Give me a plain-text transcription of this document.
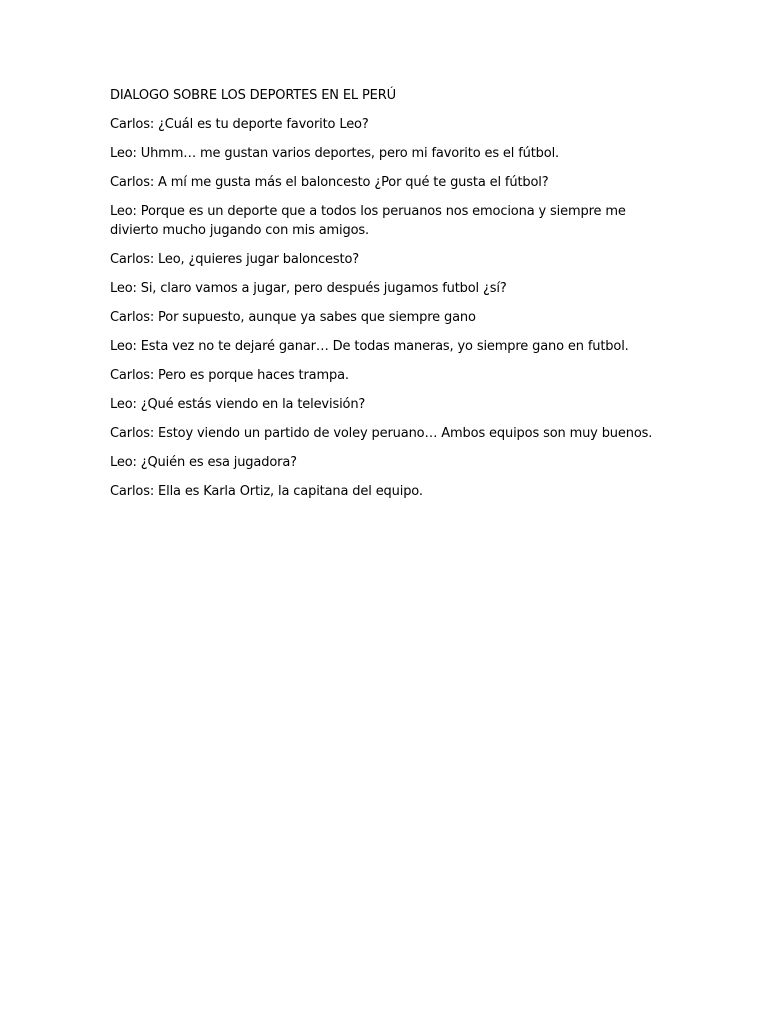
DIALOGO SOBRE LOS DEPORTES EN EL PERÚ

Carlos: ¿Cuál es tu deporte favorito Leo?

Leo: Uhmm… me gustan varios deportes, pero mi favorito es el fútbol.

Carlos: A mí me gusta más el baloncesto ¿Por qué te gusta el fútbol?

Leo: Porque es un deporte que a todos los peruanos nos emociona y siempre me divierto mucho jugando con mis amigos.

Carlos: Leo, ¿quieres jugar baloncesto?

Leo: Si, claro vamos a jugar, pero después jugamos futbol ¿sí?

Carlos: Por supuesto, aunque ya sabes que siempre gano

Leo: Esta vez no te dejaré ganar… De todas maneras, yo siempre gano en futbol.

Carlos: Pero es porque haces trampa.

Leo: ¿Qué estás viendo en la televisión?

Carlos: Estoy viendo un partido de voley peruano… Ambos equipos son muy buenos.

Leo: ¿Quién es esa jugadora?

Carlos: Ella es Karla Ortiz, la capitana del equipo.
